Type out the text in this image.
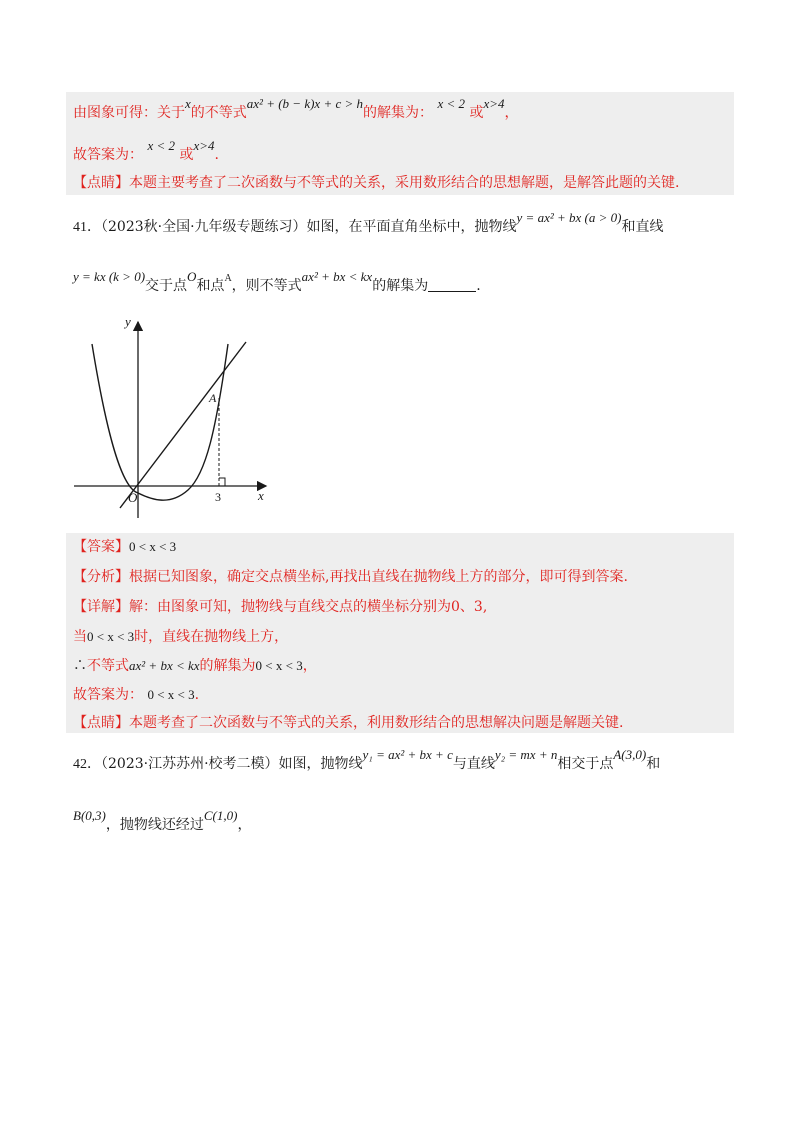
由图象可得：关于x的不等式ax² + (b − k)x + c > h的解集为： x < 2 或x>4，
故答案为： x < 2 或x>4.
【点睛】本题主要考查了二次函数与不等式的关系，采用数形结合的思想解题，是解答此题的关键.
41．（2023秋·全国·九年级专题练习）如图，在平面直角坐标中，抛物线y = ax² + bx (a > 0)和直线
y = kx (k > 0)交于点O和点$^A$，则不等式ax² + bx < kx的解集为	.
y
x
O
A
3
【答案】0 < x < 3
【分析】根据已知图象，确定交点横坐标,再找出直线在抛物线上方的部分，即可得到答案.
【详解】解：由图象可知，抛物线与直线交点的横坐标分别为0、3,
当0 < x < 3时，直线在抛物线上方，
∴不等式ax² + bx < kx的解集为0 < x < 3，
故答案为： 0 < x < 3.
【点睛】本题考查了二次函数与不等式的关系，利用数形结合的思想解决问题是解题关键.
42．（2023·江苏苏州·校考二模）如图，抛物线y₁ = ax² + bx + c与直线y₂ = mx + n相交于点A(3,0)和
B(0,3)，抛物线还经过C(1,0)，
